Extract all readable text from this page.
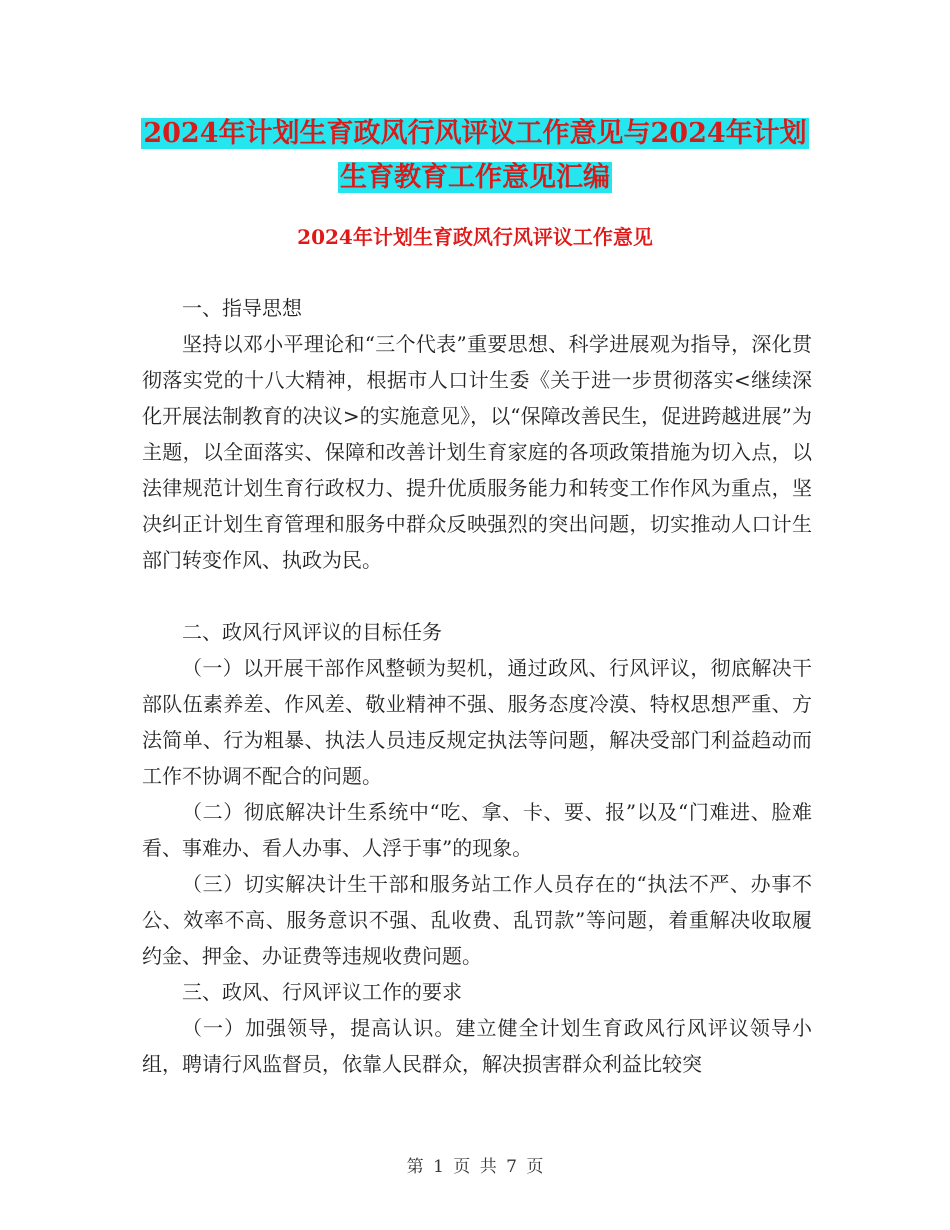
2024年计划生育政风行风评议工作意见与2024年计划
生育教育工作意见汇编
2024年计划生育政风行风评议工作意见

一、指导思想

坚持以邓小平理论和“三个代表”重要思想、科学进展观为指导，深化贯彻落实党的十八大精神，根据市人口计生委《关于进一步贯彻落实<继续深化开展法制教育的决议>的实施意见》，以“保障改善民生，促进跨越进展”为主题，以全面落实、保障和改善计划生育家庭的各项政策措施为切入点，以法律规范计划生育行政权力、提升优质服务能力和转变工作作风为重点，坚决纠正计划生育管理和服务中群众反映强烈的突出问题，切实推动人口计生部门转变作风、执政为民。

二、政风行风评议的目标任务

（一）以开展干部作风整顿为契机，通过政风、行风评议，彻底解决干部队伍素养差、作风差、敬业精神不强、服务态度冷漠、特权思想严重、方法简单、行为粗暴、执法人员违反规定执法等问题，解决受部门利益趋动而工作不协调不配合的问题。

（二）彻底解决计生系统中“吃、拿、卡、要、报”以及“门难进、脸难看、事难办、看人办事、人浮于事”的现象。

（三）切实解决计生干部和服务站工作人员存在的“执法不严、办事不公、效率不高、服务意识不强、乱收费、乱罚款”等问题，着重解决收取履约金、押金、办证费等违规收费问题。

三、政风、行风评议工作的要求

（一）加强领导，提高认识。建立健全计划生育政风行风评议领导小组，聘请行风监督员，依靠人民群众，解决损害群众利益比较突

第 1 页 共 7 页
